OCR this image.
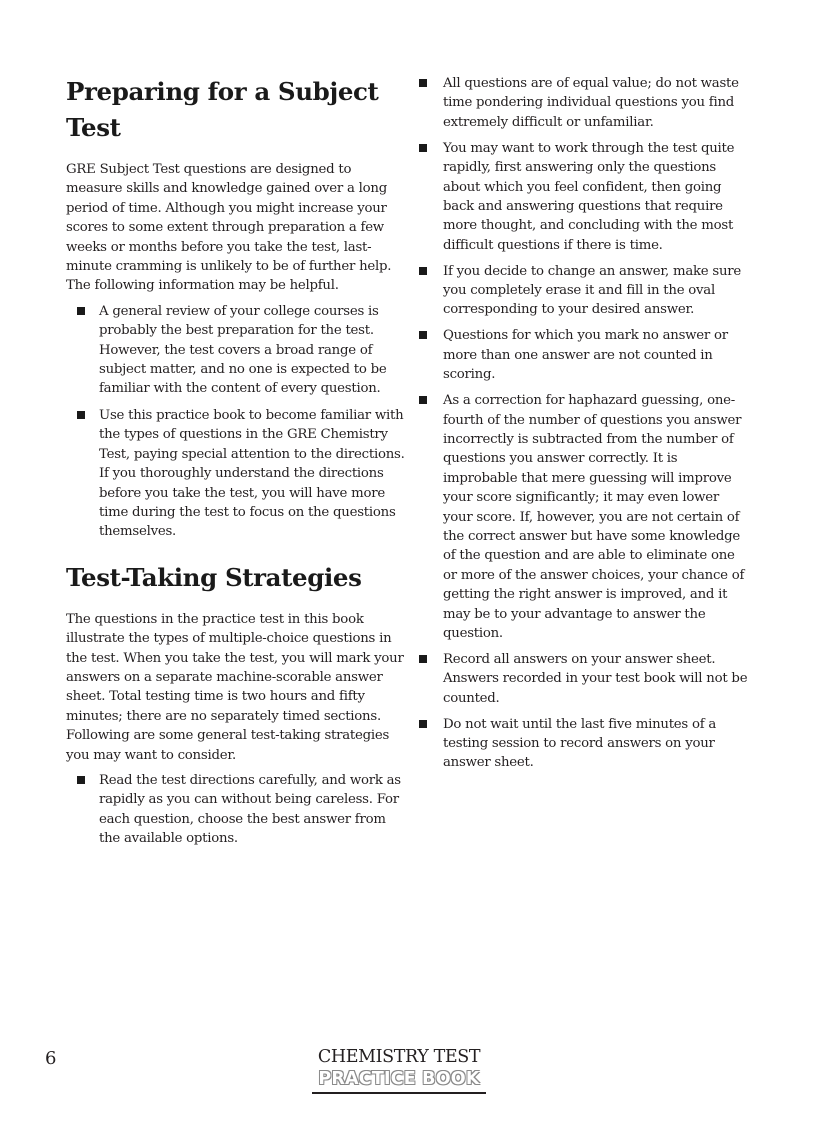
Preparing for a Subject Test

GRE Subject Test questions are designed to measure skills and knowledge gained over a long period of time. Although you might increase your scores to some extent through preparation a few weeks or months before you take the test, last-minute cramming is unlikely to be of further help. The following information may be helpful.

A general review of your college courses is probably the best preparation for the test. However, the test covers a broad range of subject matter, and no one is expected to be familiar with the content of every question.
Use this practice book to become familiar with the types of questions in the GRE Chemistry Test, paying special attention to the directions. If you thoroughly understand the directions before you take the test, you will have more time during the test to focus on the questions themselves.
Test-Taking Strategies

The questions in the practice test in this book illustrate the types of multiple-choice questions in the test. When you take the test, you will mark your answers on a separate machine-scorable answer sheet. Total testing time is two hours and fifty minutes; there are no separately timed sections. Following are some general test-taking strategies you may want to consider.

Read the test directions carefully, and work as rapidly as you can without being careless. For each question, choose the best answer from the available options.
All questions are of equal value; do not waste time pondering individual questions you find extremely difficult or unfamiliar.
You may want to work through the test quite rapidly, first answering only the questions about which you feel confident, then going back and answering questions that require more thought, and concluding with the most difficult questions if there is time.
If you decide to change an answer, make sure you completely erase it and fill in the oval corresponding to your desired answer.
Questions for which you mark no answer or more than one answer are not counted in scoring.
As a correction for haphazard guessing, one-fourth of the number of questions you answer incorrectly is subtracted from the number of questions you answer correctly. It is improbable that mere guessing will improve your score significantly; it may even lower your score. If, however, you are not certain of the correct answer but have some knowledge of the question and are able to eliminate one or more of the answer choices, your chance of getting the right answer is improved, and it may be to your advantage to answer the question.
Record all answers on your answer sheet. Answers recorded in your test book will not be counted.
Do not wait until the last five minutes of a testing session to record answers on your answer sheet.
6	CHEMISTRY TEST
PRACTICE BOOK
